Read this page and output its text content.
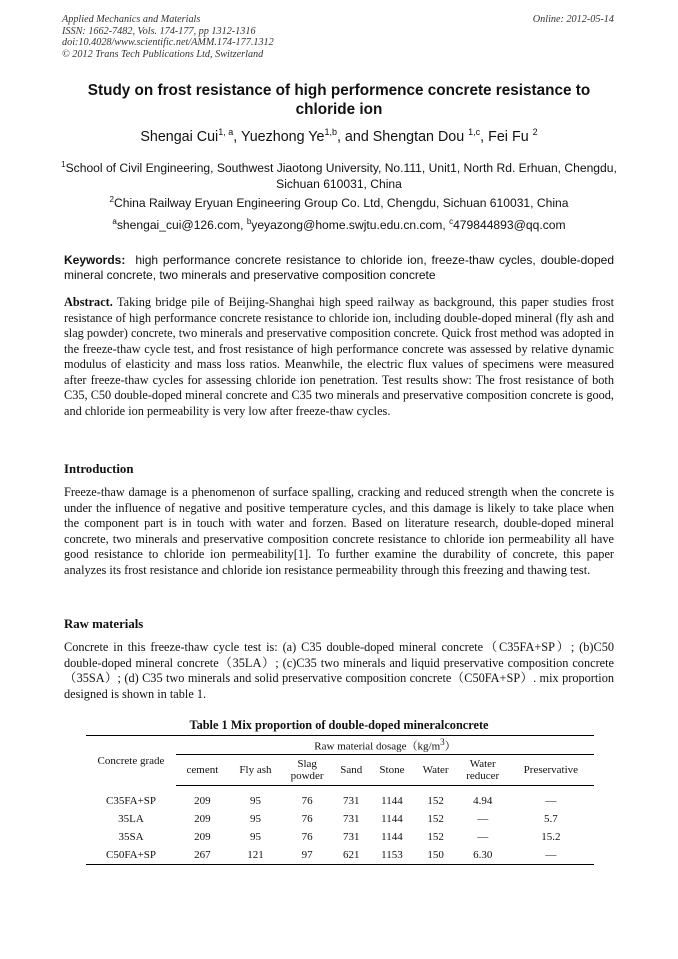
Applied Mechanics and Materials
ISSN: 1662-7482, Vols. 174-177, pp 1312-1316
doi:10.4028/www.scientific.net/AMM.174-177.1312
© 2012 Trans Tech Publications Ltd, Switzerland
Online: 2012-05-14
Study on frost resistance of high performence concrete resistance to chloride ion
Shengai Cui$^{1, a}$, Yuezhong Ye$^{1,b}$, and Shengtan Dou $^{1,c}$, Fei Fu $^2$
$^1$School of Civil Engineering, Southwest Jiaotong University, No.111, Unit1, North Rd. Erhuan, Chengdu, Sichuan 610031, China
$^2$China Railway Eryuan Engineering Group Co. Ltd, Chengdu, Sichuan 610031, China
$^a$shengai_cui@126.com, $^b$yeyazong@home.swjtu.edu.cn.com, $^c$479844893@qq.com
Keywords: high performance concrete resistance to chloride ion, freeze-thaw cycles, double-doped mineral concrete, two minerals and preservative composition concrete
Abstract. Taking bridge pile of Beijing-Shanghai high speed railway as background, this paper studies frost resistance of high performance concrete resistance to chloride ion, including double-doped mineral (fly ash and slag powder) concrete, two minerals and preservative composition concrete. Quick frost method was adopted in the freeze-thaw cycle test, and frost resistance of high performance concrete was assessed by relative dynamic modulus of elasticity and mass loss ratios. Meanwhile, the electric flux values of specimens were measured after freeze-thaw cycles for assessing chloride ion penetration. Test results show: The frost resistance of both C35, C50 double-doped mineral concrete and C35 two minerals and preservative composition concrete is good, and chloride ion permeability is very low after freeze-thaw cycles.
Introduction
Freeze-thaw damage is a phenomenon of surface spalling, cracking and reduced strength when the concrete is under the influence of negative and positive temperature cycles, and this damage is likely to take place when the component part is in touch with water and forzen. Based on literature research, double-doped mineral concrete, two minerals and preservative composition concrete resistance to chloride ion permeability all have good resistance to chloride ion permeability[1]. To further examine the durability of concrete, this paper analyzes its frost resistance and chloride ion resistance permeability through this freezing and thawing test.
Raw materials
Concrete in this freeze-thaw cycle test is: (a) C35 double-doped mineral concrete（C35FA+SP）; (b)C50 double-doped mineral concrete（35LA）; (c)C35 two minerals and liquid preservative composition concrete（35SA）; (d) C35 two minerals and solid preservative composition concrete（C50FA+SP）. mix proportion designed is shown in table 1.
Table 1 Mix proportion of double-doped mineralconcrete
Concrete grade	Raw material $dosage(kg/m^3)$							
	cement	Fly ash	Slag powder	Sand	Stone	Water	Water reducer	Preservative

C35FA+SP	209	95	76	731	1144	152	4.94	—
35LA	209	95	76	731	1144	152	—	5.7
35SA	209	95	76	731	1144	152	—	15.2
C50FA+SP	267	121	97	621	1153	150	6.30	—
